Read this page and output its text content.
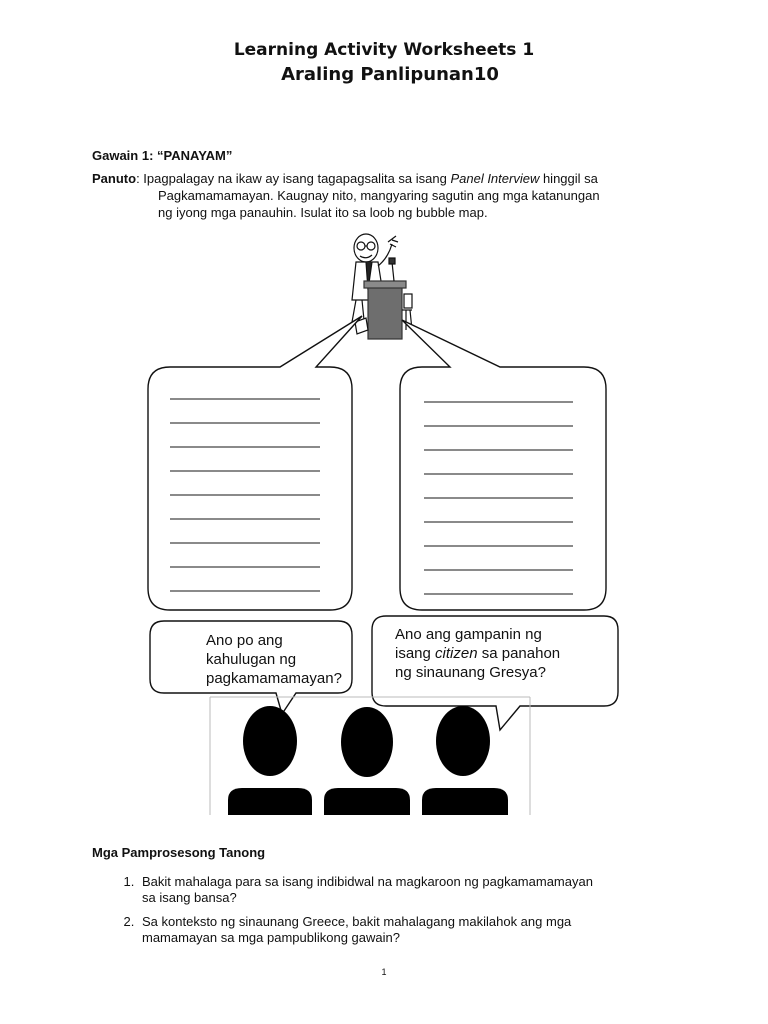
Learning Activity Worksheets 1
Araling Panlipunan10
Gawain 1: “PANAYAM”
Panuto: Ipagpalagay na ikaw ay isang tagapagsalita sa isang Panel Interview hinggil sa
Pagkamamamayan. Kaugnay nito, mangyaring sagutin ang mga katanungan
ng iyong mga panauhin. Isulat ito sa loob ng bubble map.
Ano po ang
kahulugan ng
pagkamamamayan?
Ano ang gampanin ng
isang citizen sa panahon
ng sinaunang Gresya?
Mga Pamprosesong Tanong
1. Bakit mahalaga para sa isang indibidwal na magkaroon ng pagkamamamayan
sa isang bansa?
2. Sa konteksto ng sinaunang Greece, bakit mahalagang makilahok ang mga
mamamayan sa mga pampublikong gawain?
1
